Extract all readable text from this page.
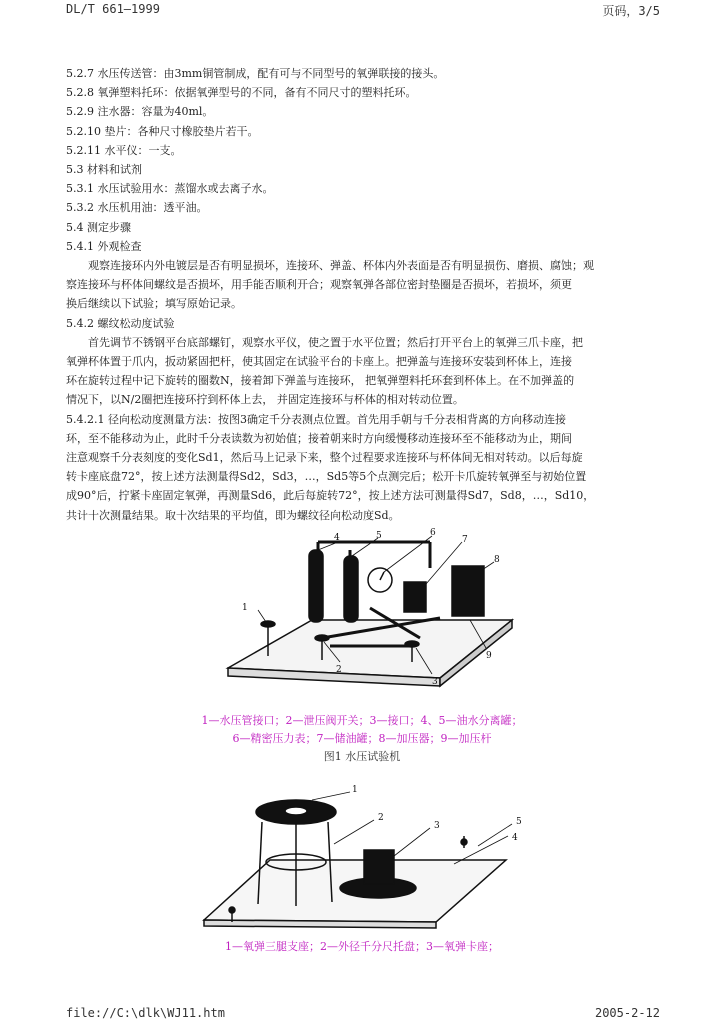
DL/T 661—1999	页码，3/5
5.2.7 水压传送管：由3mm铜管制成，配有可与不同型号的氧弹联接的接头。
5.2.8 氧弹塑料托环：依据氧弹型号的不同，备有不同尺寸的塑料托环。
5.2.9 注水器：容量为40ml。
5.2.10 垫片：各种尺寸橡胶垫片若干。
5.2.11 水平仪：一支。
5.3 材料和试剂
5.3.1 水压试验用水：蒸馏水或去离子水。
5.3.2 水压机用油：透平油。
5.4 测定步骤
5.4.1 外观检查
观察连接环内外电镀层是否有明显损坏，连接环、弹盖、杯体内外表面是否有明显损伤、磨损、腐蚀；观
察连接环与杯体间螺纹是否损坏，用手能否顺利开合；观察氧弹各部位密封垫圈是否损坏，若损坏，须更
换后继续以下试验；填写原始记录。
5.4.2 螺纹松动度试验
首先调节不锈钢平台底部螺钉，观察水平仪，使之置于水平位置；然后打开平台上的氧弹三爪卡座，把
氧弹杯体置于爪内，扳动紧固把杆，使其固定在试验平台的卡座上。把弹盖与连接环安装到杯体上，连接
环在旋转过程中记下旋转的圈数N，接着卸下弹盖与连接环， 把氧弹塑料托环套到杯体上。在不加弹盖的
情况下，以N/2圈把连接环拧到杯体上去， 并固定连接环与杯体的相对转动位置。
5.4.2.1 径向松动度测量方法：按图3确定千分表测点位置。首先用手朝与千分表相背离的方向移动连接
环，至不能移动为止，此时千分表读数为初始值；接着朝来时方向缓慢移动连接环至不能移动为止，期间
注意观察千分表刻度的变化Sd1，然后马上记录下来，整个过程要求连接环与杯体间无相对转动。以后每旋
转卡座底盘72°，按上述方法测量得Sd2，Sd3，…，Sd5等5个点测完后；松开卡爪旋转氧弹至与初始位置
成90°后，拧紧卡座固定氧弹，再测量Sd6，此后每旋转72°，按上述方法可测量得Sd7，Sd8，…，Sd10，
共计十次测量结果。取十次结果的平均值，即为螺纹径向松动度Sd。
1
2
3
4	5	6
7
8
9
1—水压管接口；2—泄压阀开关；3—接口；4、5—油水分离罐；
6—精密压力表；7—储油罐；8—加压器；9—加压杆
图1 水压试验机
1
2
3
4
5
1—氧弹三腿支座；2—外径千分尺托盘；3—氧弹卡座；
file://C:\dlk\WJ11.htm	2005-2-12
